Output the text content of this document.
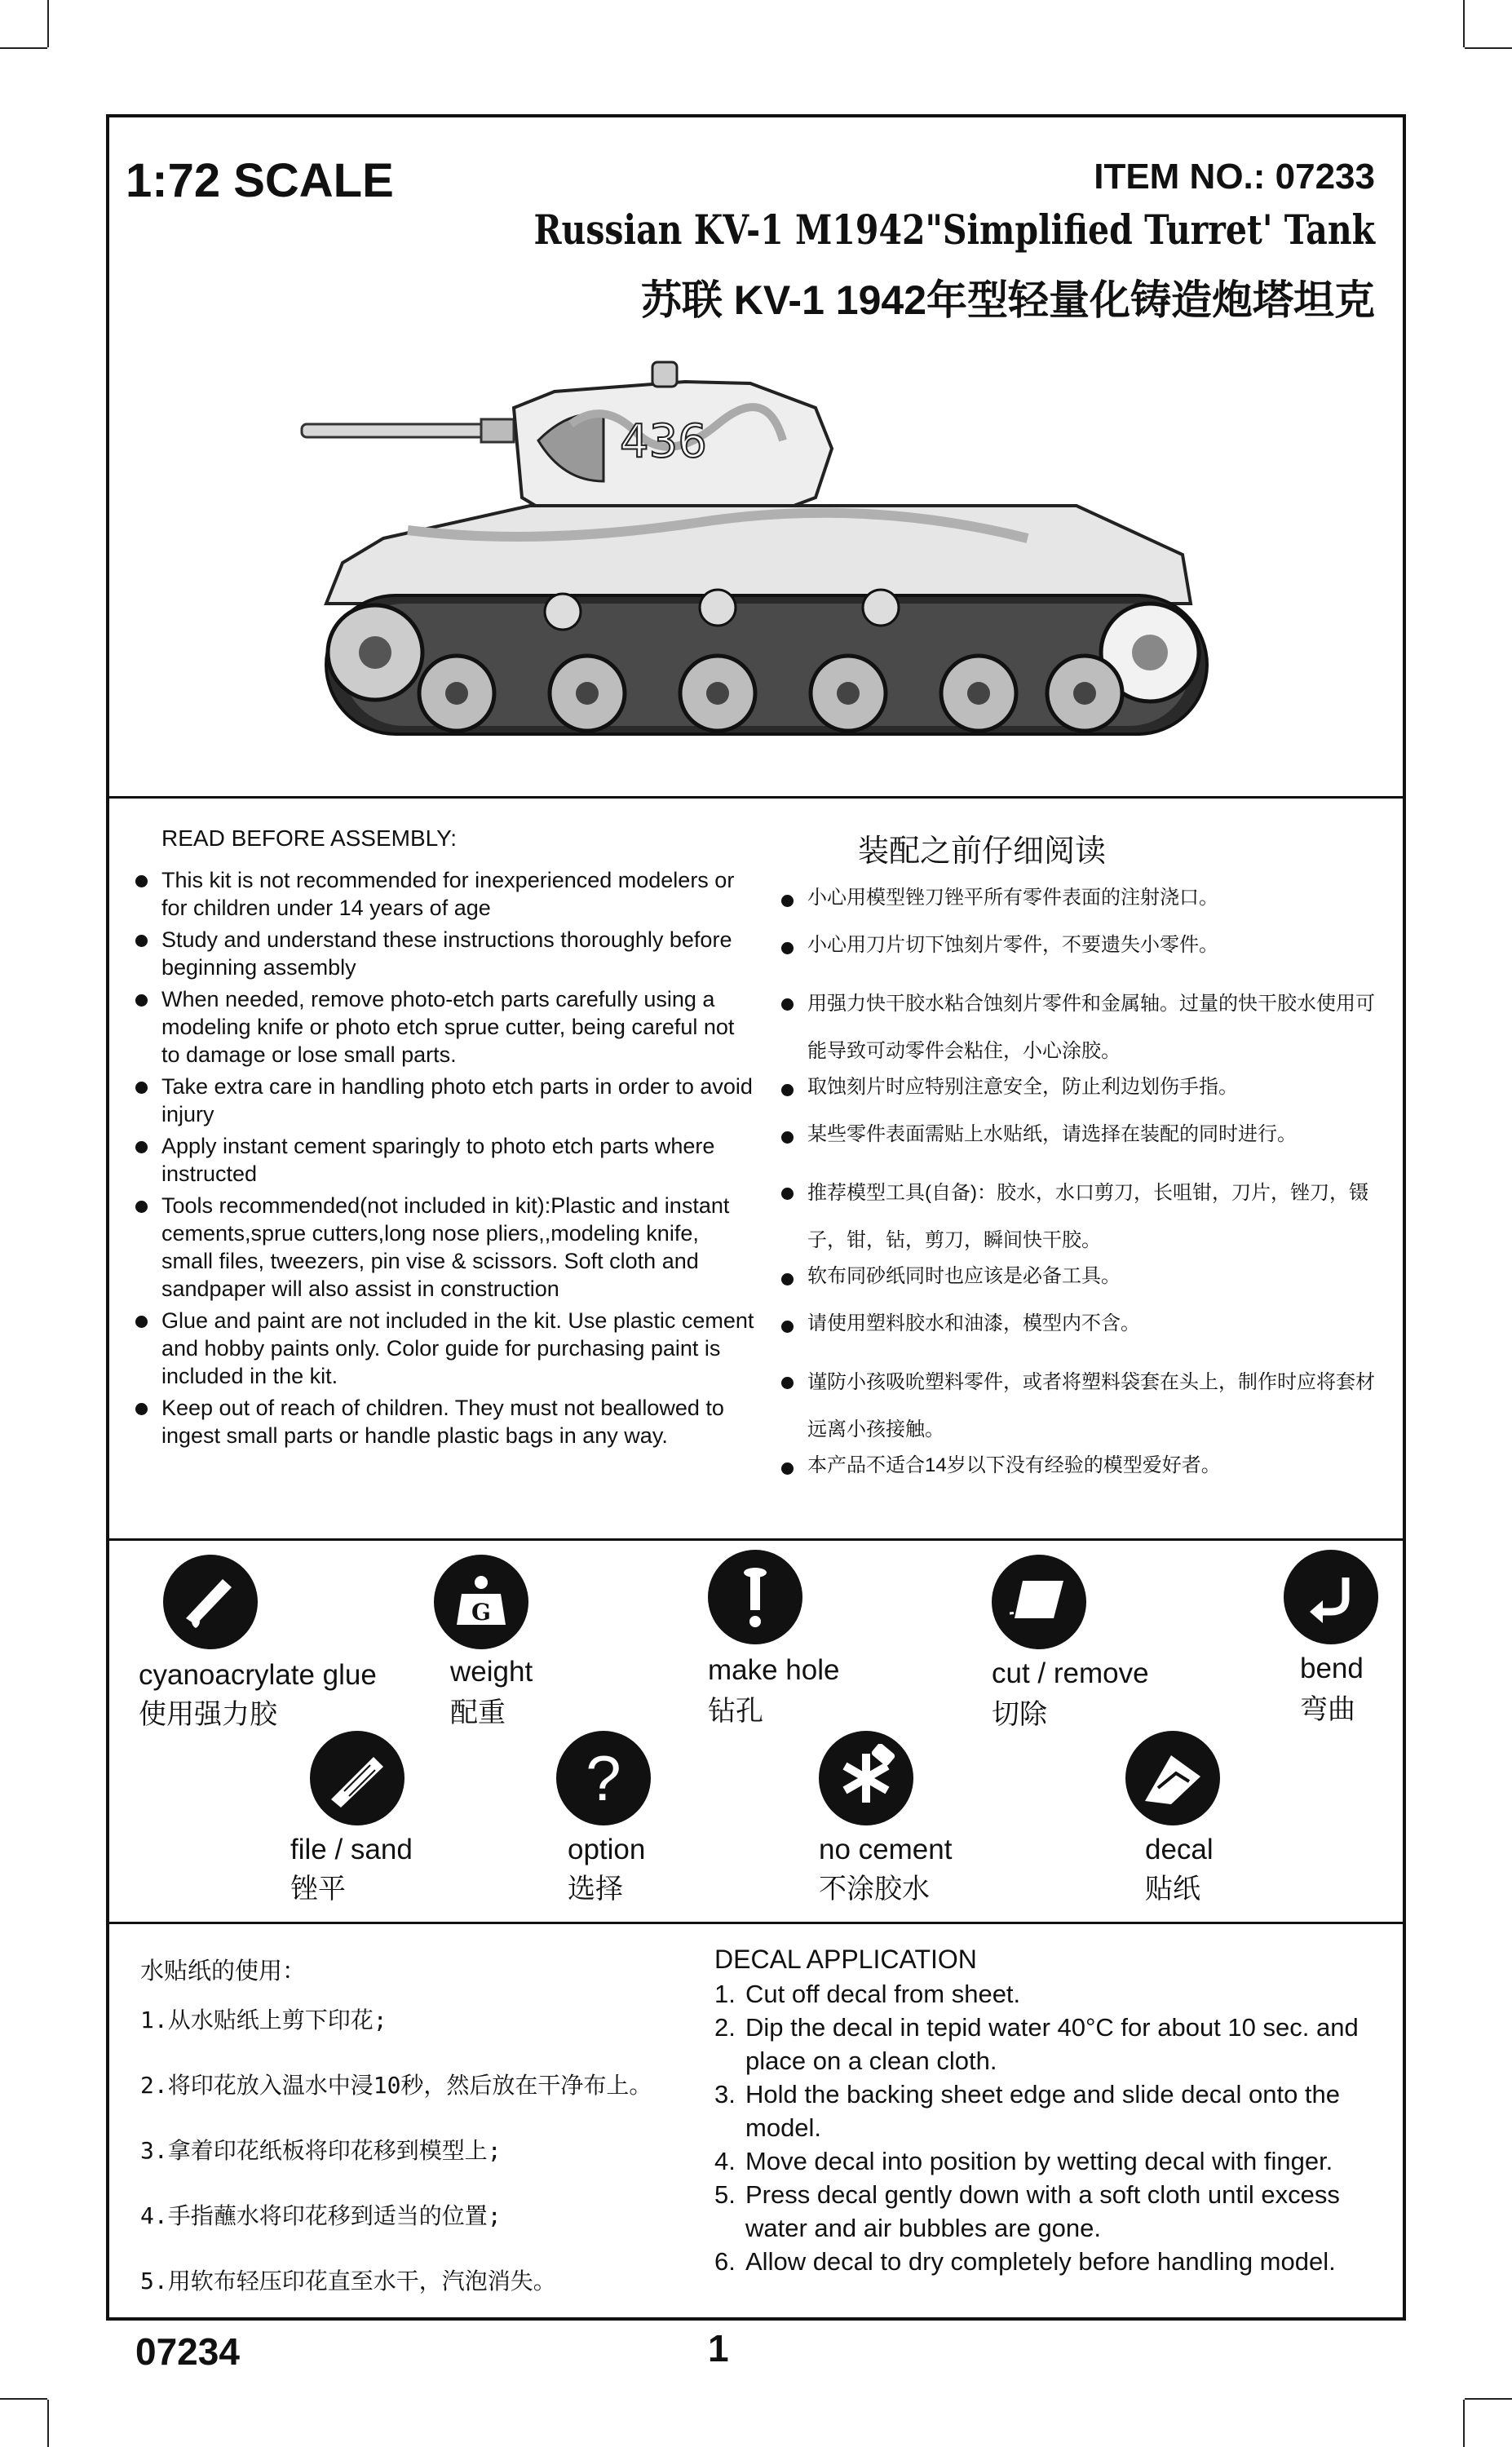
1:72 SCALE	ITEM NO.: 07233
Russian KV-1 M1942"Simplified Turret' Tank
苏联 KV-1 1942年型轻量化铸造炮塔坦克
436
READ BEFORE ASSEMBLY:
This kit is not recommended for inexperienced modelers or for children under 14 years of age
Study and understand these instructions thoroughly before beginning assembly
When needed, remove photo-etch parts carefully using a modeling knife or photo etch sprue cutter, being careful not to damage or lose small parts.
Take extra care in handling photo etch parts in order to avoid injury
Apply instant cement sparingly to photo etch parts where instructed
Tools recommended(not included in kit):Plastic and instant cements,sprue cutters,long nose pliers,,modeling knife, small files, tweezers, pin vise & scissors. Soft cloth and sandpaper will also assist in construction
Glue and paint are not included in the kit. Use plastic cement and hobby paints only. Color guide for purchasing paint is included in the kit.
Keep out of reach of children. They must not beallowed to ingest small parts or handle plastic bags in any way.
装配之前仔细阅读
小心用模型锉刀锉平所有零件表面的注射浇口。
小心用刀片切下蚀刻片零件，不要遗失小零件。
用强力快干胶水粘合蚀刻片零件和金属轴。过量的快干胶水使用可能导致可动零件会粘住，小心涂胶。
取蚀刻片时应特别注意安全，防止利边划伤手指。
某些零件表面需贴上水贴纸，请选择在装配的同时进行。
推荐模型工具(自备)：胶水，水口剪刀，长咀钳，刀片，锉刀，镊子，钳，钻，剪刀，瞬间快干胶。
软布同砂纸同时也应该是必备工具。
请使用塑料胶水和油漆，模型内不含。
谨防小孩吸吮塑料零件，或者将塑料袋套在头上，制作时应将套材远离小孩接触。
本产品不适合14岁以下没有经验的模型爱好者。
cyanoacrylate glue
使用强力胶
G
weight
配重
make hole
钻孔
cut / remove
切除
bend
弯曲
file / sand
锉平
?
option
选择
no cement
不涂胶水
decal
贴纸
水贴纸的使用：
1.从水贴纸上剪下印花;
2.将印花放入温水中浸10秒，然后放在干净布上。
3.拿着印花纸板将印花移到模型上;
4.手指蘸水将印花移到适当的位置;
5.用软布轻压印花直至水干，汽泡消失。
DECAL APPLICATION
1. Cut off decal from sheet.
2. Dip the decal in tepid water 40°C for about 10 sec. and place on a clean cloth.
3. Hold the backing sheet edge and slide decal onto the model.
4. Move decal into position by wetting decal with finger.
5. Press decal gently down with a soft cloth until excess water and air bubbles are gone.
6. Allow decal to dry completely before handling model.
07234	1
